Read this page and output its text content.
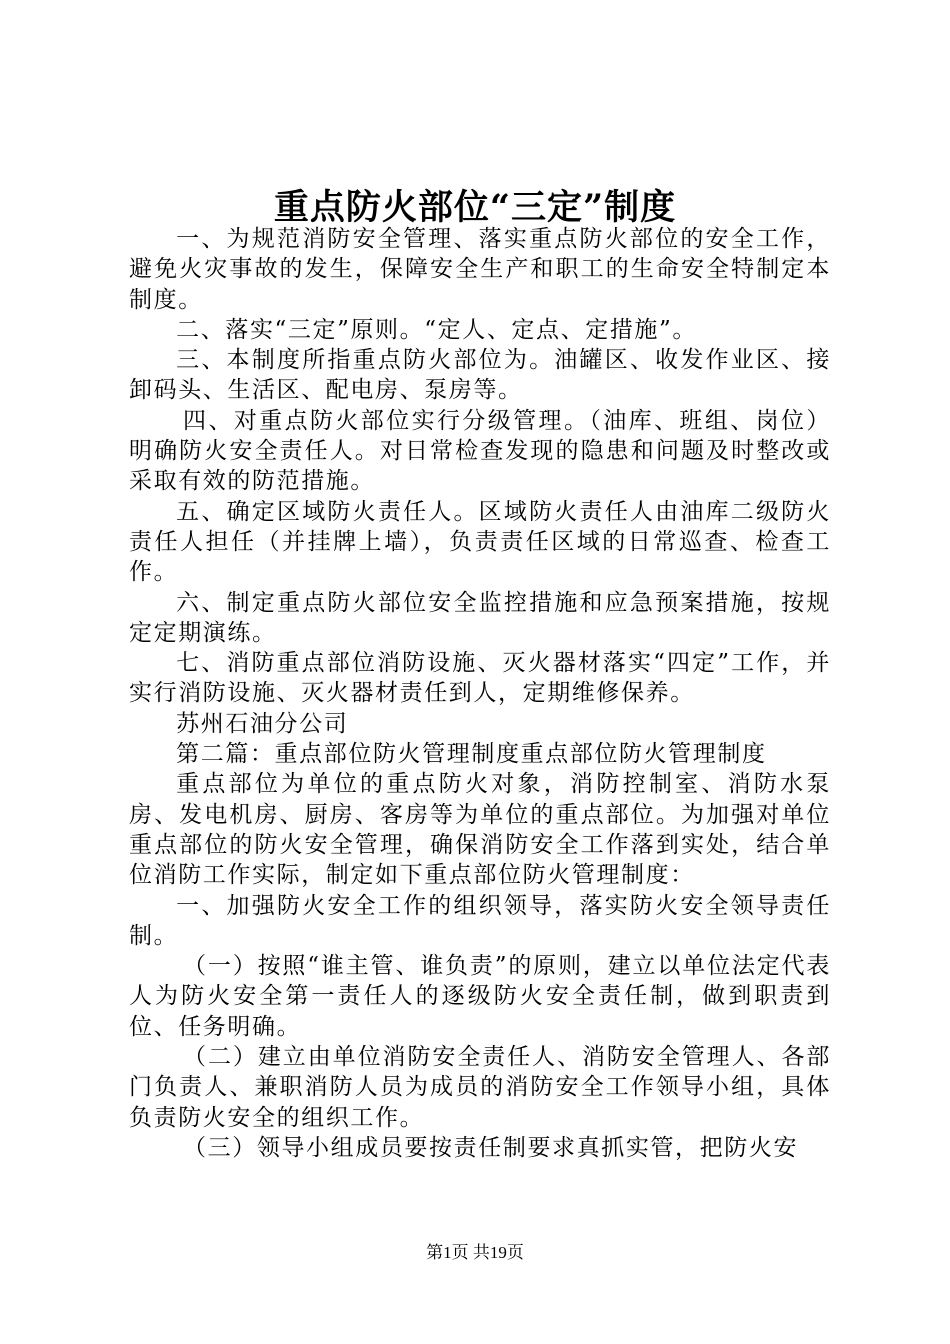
重点防火部位“三定”制度

一、为规范消防安全管理、落实重点防火部位的安全工作，避免火灾事故的发生，保障安全生产和职工的生命安全特制定本制度。

二、落实“三定”原则。“定人、定点、定措施”。

三、本制度所指重点防火部位为。油罐区、收发作业区、接卸码头、生活区、配电房、泵房等。

四、对重点防火部位实行分级管理。（油库、班组、岗位）明确防火安全责任人。对日常检查发现的隐患和问题及时整改或采取有效的防范措施。

五、确定区域防火责任人。区域防火责任人由油库二级防火责任人担任（并挂牌上墙），负责责任区域的日常巡查、检查工作。

六、制定重点防火部位安全监控措施和应急预案措施，按规定定期演练。

七、消防重点部位消防设施、灭火器材落实“四定”工作，并实行消防设施、灭火器材责任到人，定期维修保养。

苏州石油分公司

第二篇：重点部位防火管理制度重点部位防火管理制度

重点部位为单位的重点防火对象，消防控制室、消防水泵房、发电机房、厨房、客房等为单位的重点部位。为加强对单位重点部位的防火安全管理，确保消防安全工作落到实处，结合单位消防工作实际，制定如下重点部位防火管理制度：

一、加强防火安全工作的组织领导，落实防火安全领导责任制。

（一）按照“谁主管、谁负责”的原则，建立以单位法定代表人为防火安全第一责任人的逐级防火安全责任制，做到职责到位、任务明确。

（二）建立由单位消防安全责任人、消防安全管理人、各部门负责人、兼职消防人员为成员的消防安全工作领导小组，具体负责防火安全的组织工作。

（三）领导小组成员要按责任制要求真抓实管，把防火安

第1页 共19页
